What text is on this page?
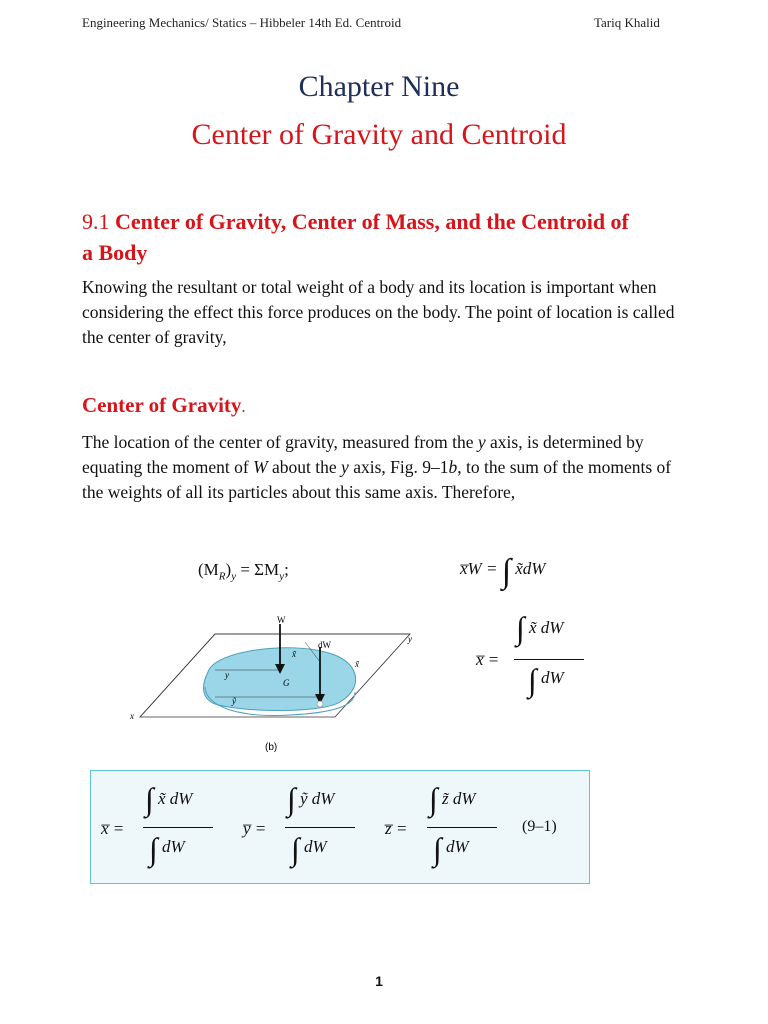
Engineering Mechanics/ Statics – Hibbeler 14th Ed. Centroid	Tariq Khalid
Chapter Nine
Center of Gravity and Centroid
9.1 Center of Gravity, Center of Mass, and the Centroid of a Body
Knowing the resultant or total weight of a body and its location is important when considering the effect this force produces on the body. The point of location is called the center of gravity,
Center of Gravity.
The location of the center of gravity, measured from the y axis, is determined by equating the moment of W about the y axis, Fig. 9–1b, to the sum of the moments of the weights of all its particles about this same axis. Therefore,
$(M_R)_y = \Sigma M_y$;	x̅W = ∫ x̃dW
x̅ =
∫ x̃ dW
∫ dW
W
dW
y
x
x̃
y
G
ỹ
x̃
(b)
x̅ =
∫ x̃ dW
∫ dW
y̅ =
∫ ỹ dW
∫ dW
z̅ =
∫ z̃ dW
∫ dW
(9–1)
1
